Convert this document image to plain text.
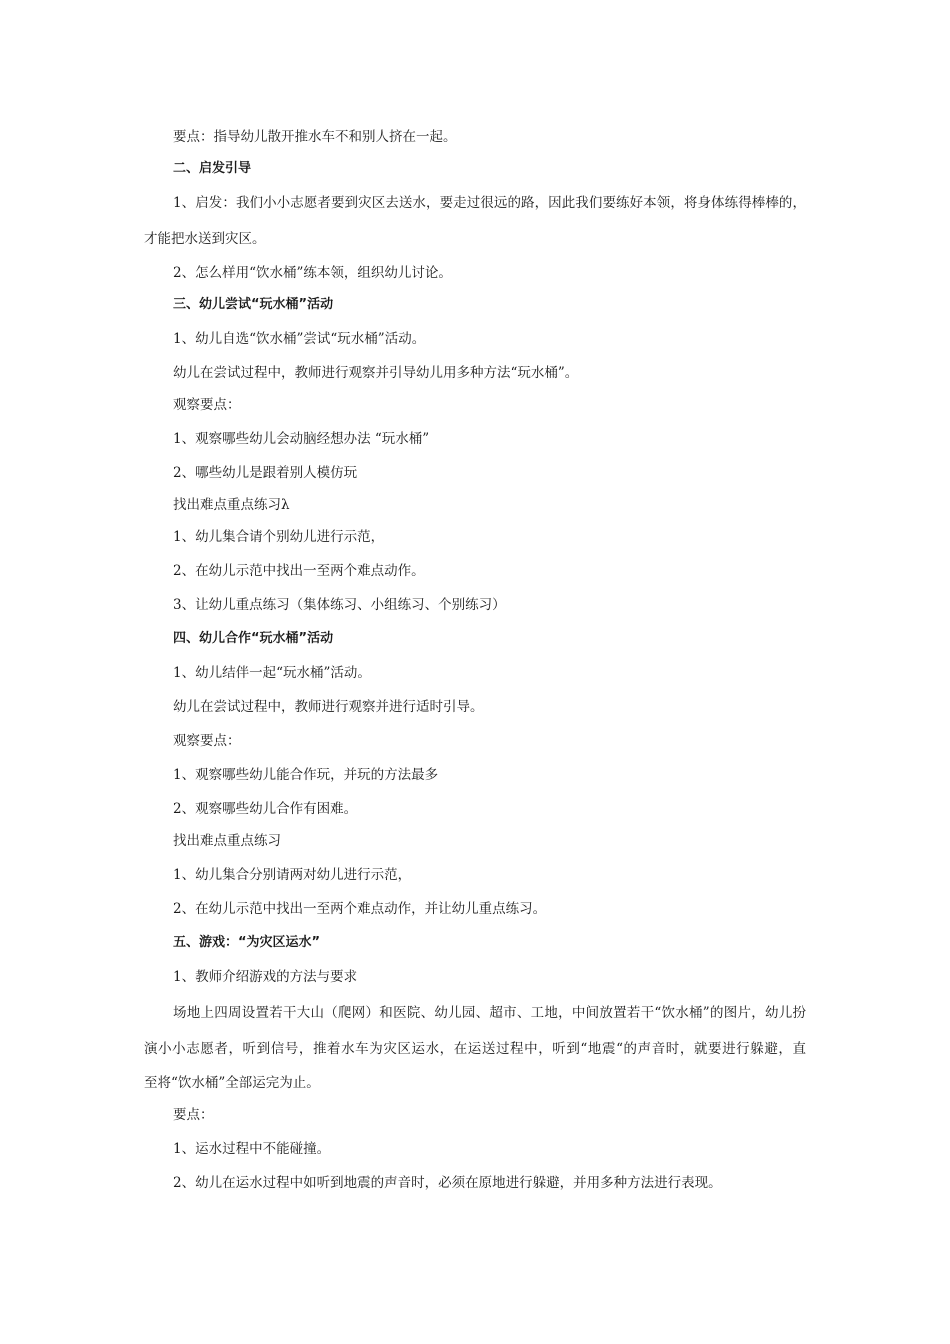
要点：指导幼儿散开推水车不和别人挤在一起。

二、启发引导

1、启发：我们小小志愿者要到灾区去送水，要走过很远的路，因此我们要练好本领，将身体练得棒棒的，

才能把水送到灾区。

2、怎么样用“饮水桶”练本领，组织幼儿讨论。

三、幼儿尝试“玩水桶”活动

1、幼儿自选“饮水桶”尝试“玩水桶”活动。

幼儿在尝试过程中，教师进行观察并引导幼儿用多种方法“玩水桶”。

观察要点：

1、观察哪些幼儿会动脑经想办法 “玩水桶”

2、哪些幼儿是跟着别人模仿玩

找出难点重点练习λ

1、幼儿集合请个别幼儿进行示范，

2、在幼儿示范中找出一至两个难点动作。

3、让幼儿重点练习（集体练习、小组练习、个别练习）

四、幼儿合作“玩水桶”活动

1、幼儿结伴一起“玩水桶”活动。

幼儿在尝试过程中，教师进行观察并进行适时引导。

观察要点：

1、观察哪些幼儿能合作玩，并玩的方法最多

2、观察哪些幼儿合作有困难。

找出难点重点练习

1、幼儿集合分别请两对幼儿进行示范，

2、在幼儿示范中找出一至两个难点动作，并让幼儿重点练习。

五、游戏：“为灾区运水”

1、教师介绍游戏的方法与要求

场地上四周设置若干大山（爬网）和医院、幼儿园、超市、工地，中间放置若干“饮水桶”的图片，幼儿扮

演小小志愿者，听到信号，推着水车为灾区运水，在运送过程中，听到“地震“的声音时，就要进行躲避，直

至将“饮水桶”全部运完为止。

要点：

1、运水过程中不能碰撞。

2、幼儿在运水过程中如听到地震的声音时，必须在原地进行躲避，并用多种方法进行表现。
